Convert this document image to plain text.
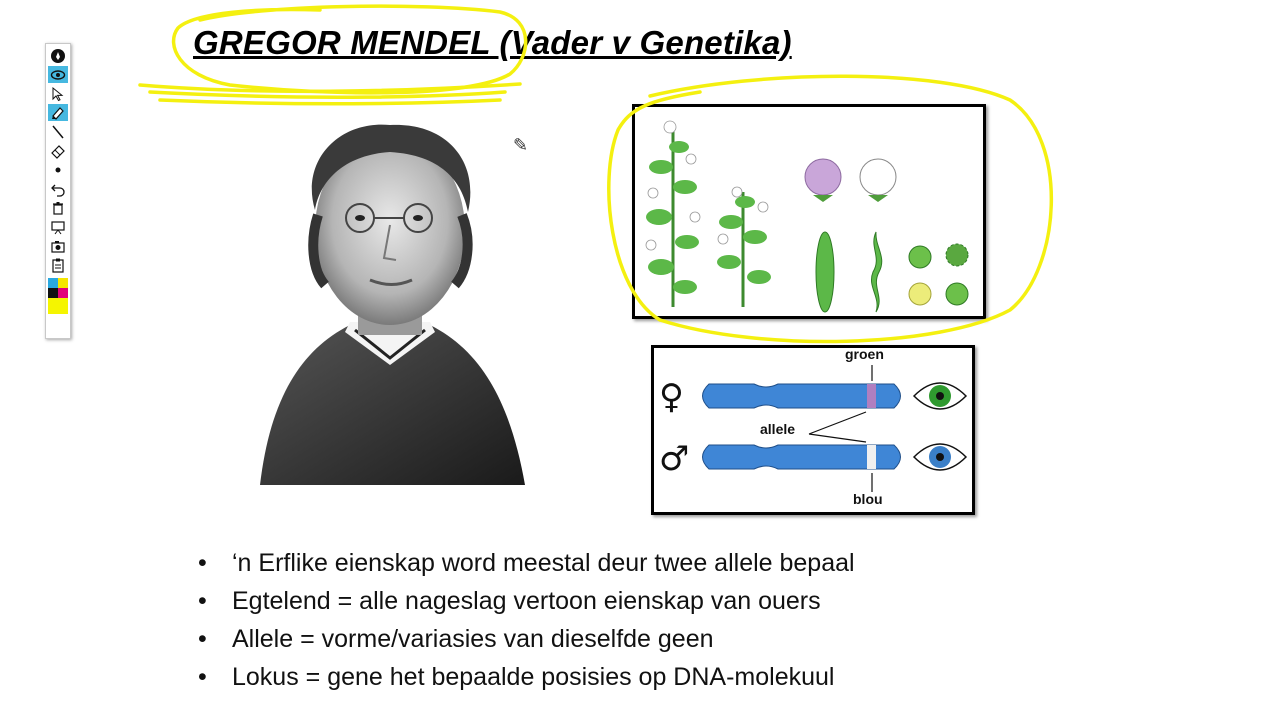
GREGOR MENDEL (Vader v Genetika)
♀
♂
groen
allele
blou
✎
•	‘n Erflike eienskap word meestal deur twee allele bepaal
•	Egtelend = alle nageslag vertoon eienskap van ouers
•	Allele = vorme/variasies van dieselfde geen
•	Lokus = gene het bepaalde posisies op DNA-molekuul
